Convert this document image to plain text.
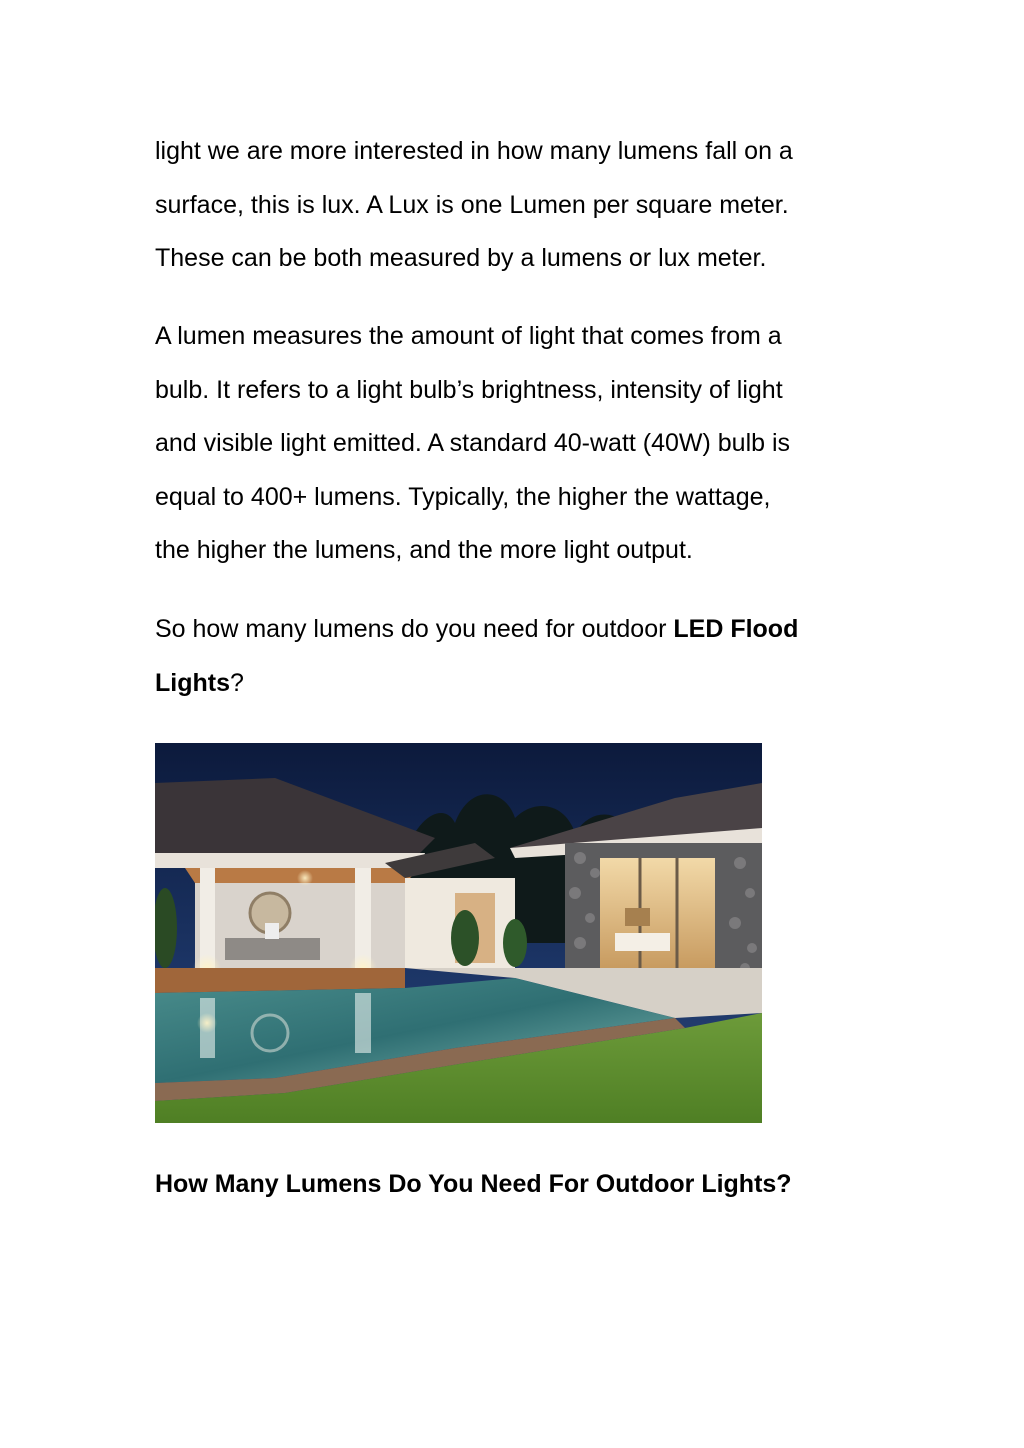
light we are more interested in how many lumens fall on a
surface, this is lux. A Lux is one Lumen per square meter.
These can be both measured by a lumens or lux meter.

A lumen measures the amount of light that comes from a
bulb. It refers to a light bulb’s brightness, intensity of light
and visible light emitted. A standard 40-watt (40W) bulb is
equal to 400+ lumens. Typically, the higher the wattage,
the higher the lumens, and the more light output.

So how many lumens do you need for outdoor LED Flood
Lights?

How Many Lumens Do You Need For Outdoor Lights?
